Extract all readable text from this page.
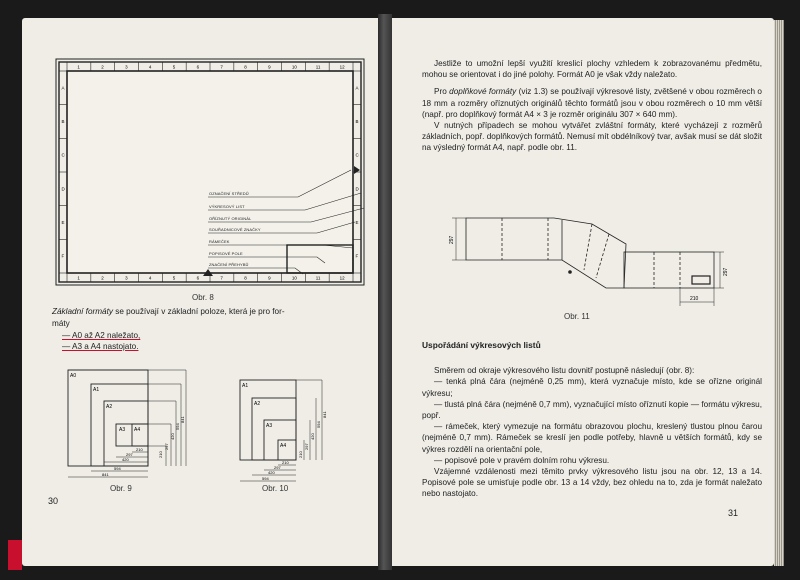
1	2	3	4	5	6	7	8	9	10	11	12
1	2	3	4	5	6	7	8	9	10	11	12
A	A
B	B
C	C
D	D
E	E
F	F
OZNAČENÍ STŘEDŮ
VÝKRESOVÝ LIST
OŘÍZNUTÝ ORIGINÁL
SOUŘADNICOVÉ ZNAČKY
RÁMEČEK
POPISOVÉ POLE
ZNAČENÍ PŘEHYBŮ
Obr. 8
Základní formáty se používají v základní poloze, která je pro for-
máty
— A0 až A2 naležato,
— A3 a A4 nastojato.
A0
A1
A2
A3 A4
210
297
420
594
841
210
297
420
594
841
Obr. 9
A1
A2
A3
A4
210
297
420
594
210
297
420
594
841
Obr. 10
30

Jestliže to umožní lepší využití kreslicí plochy vzhledem k zobrazovanému předmětu, mohou se orientovat i do jiné polohy. Formát A0 je však vždy naležato.

Pro doplňkové formáty (viz 1.3) se používají výkresové listy, zvětšené v obou rozměrech o 18 mm a rozměry oříznutých originálů těchto formátů jsou v obou rozměrech o 10 mm větší (např. pro doplňkový formát A4 × 3 je rozměr originálu 307 × 640 mm).

V nutných případech se mohou vytvářet zvláštní formáty, které vycházejí z rozměrů základních, popř. doplňkových formátů. Nemusí mít obdélníkový tvar, avšak musí se dát složit na výsledný formát A4, např. podle obr. 11.

297
297
210
Obr. 11

Uspořádání výkresových listů

Směrem od okraje výkresového listu dovnitř postupně následují (obr. 8):

— tenká plná čára (nejméně 0,25 mm), která vyznačuje místo, kde se ořízne originál výkresu;

— tlustá plná čára (nejméně 0,7 mm), vyznačující místo oříznutí kopie — formátu výkresu, popř.

— rámeček, který vymezuje na formátu obrazovou plochu, kreslený tlustou plnou čarou (nejméně 0,7 mm). Rámeček se kreslí jen podle potřeby, hlavně u větších formátů, kdy se výkres rozdělí na orientační pole,

— popisové pole v pravém dolním rohu výkresu.

Vzájemné vzdálenosti mezi těmito prvky výkresového listu jsou na obr. 12, 13 a 14. Popisové pole se umisťuje podle obr. 13 a 14 vždy, bez ohledu na to, zda je formát naležato nebo nastojato.

31
